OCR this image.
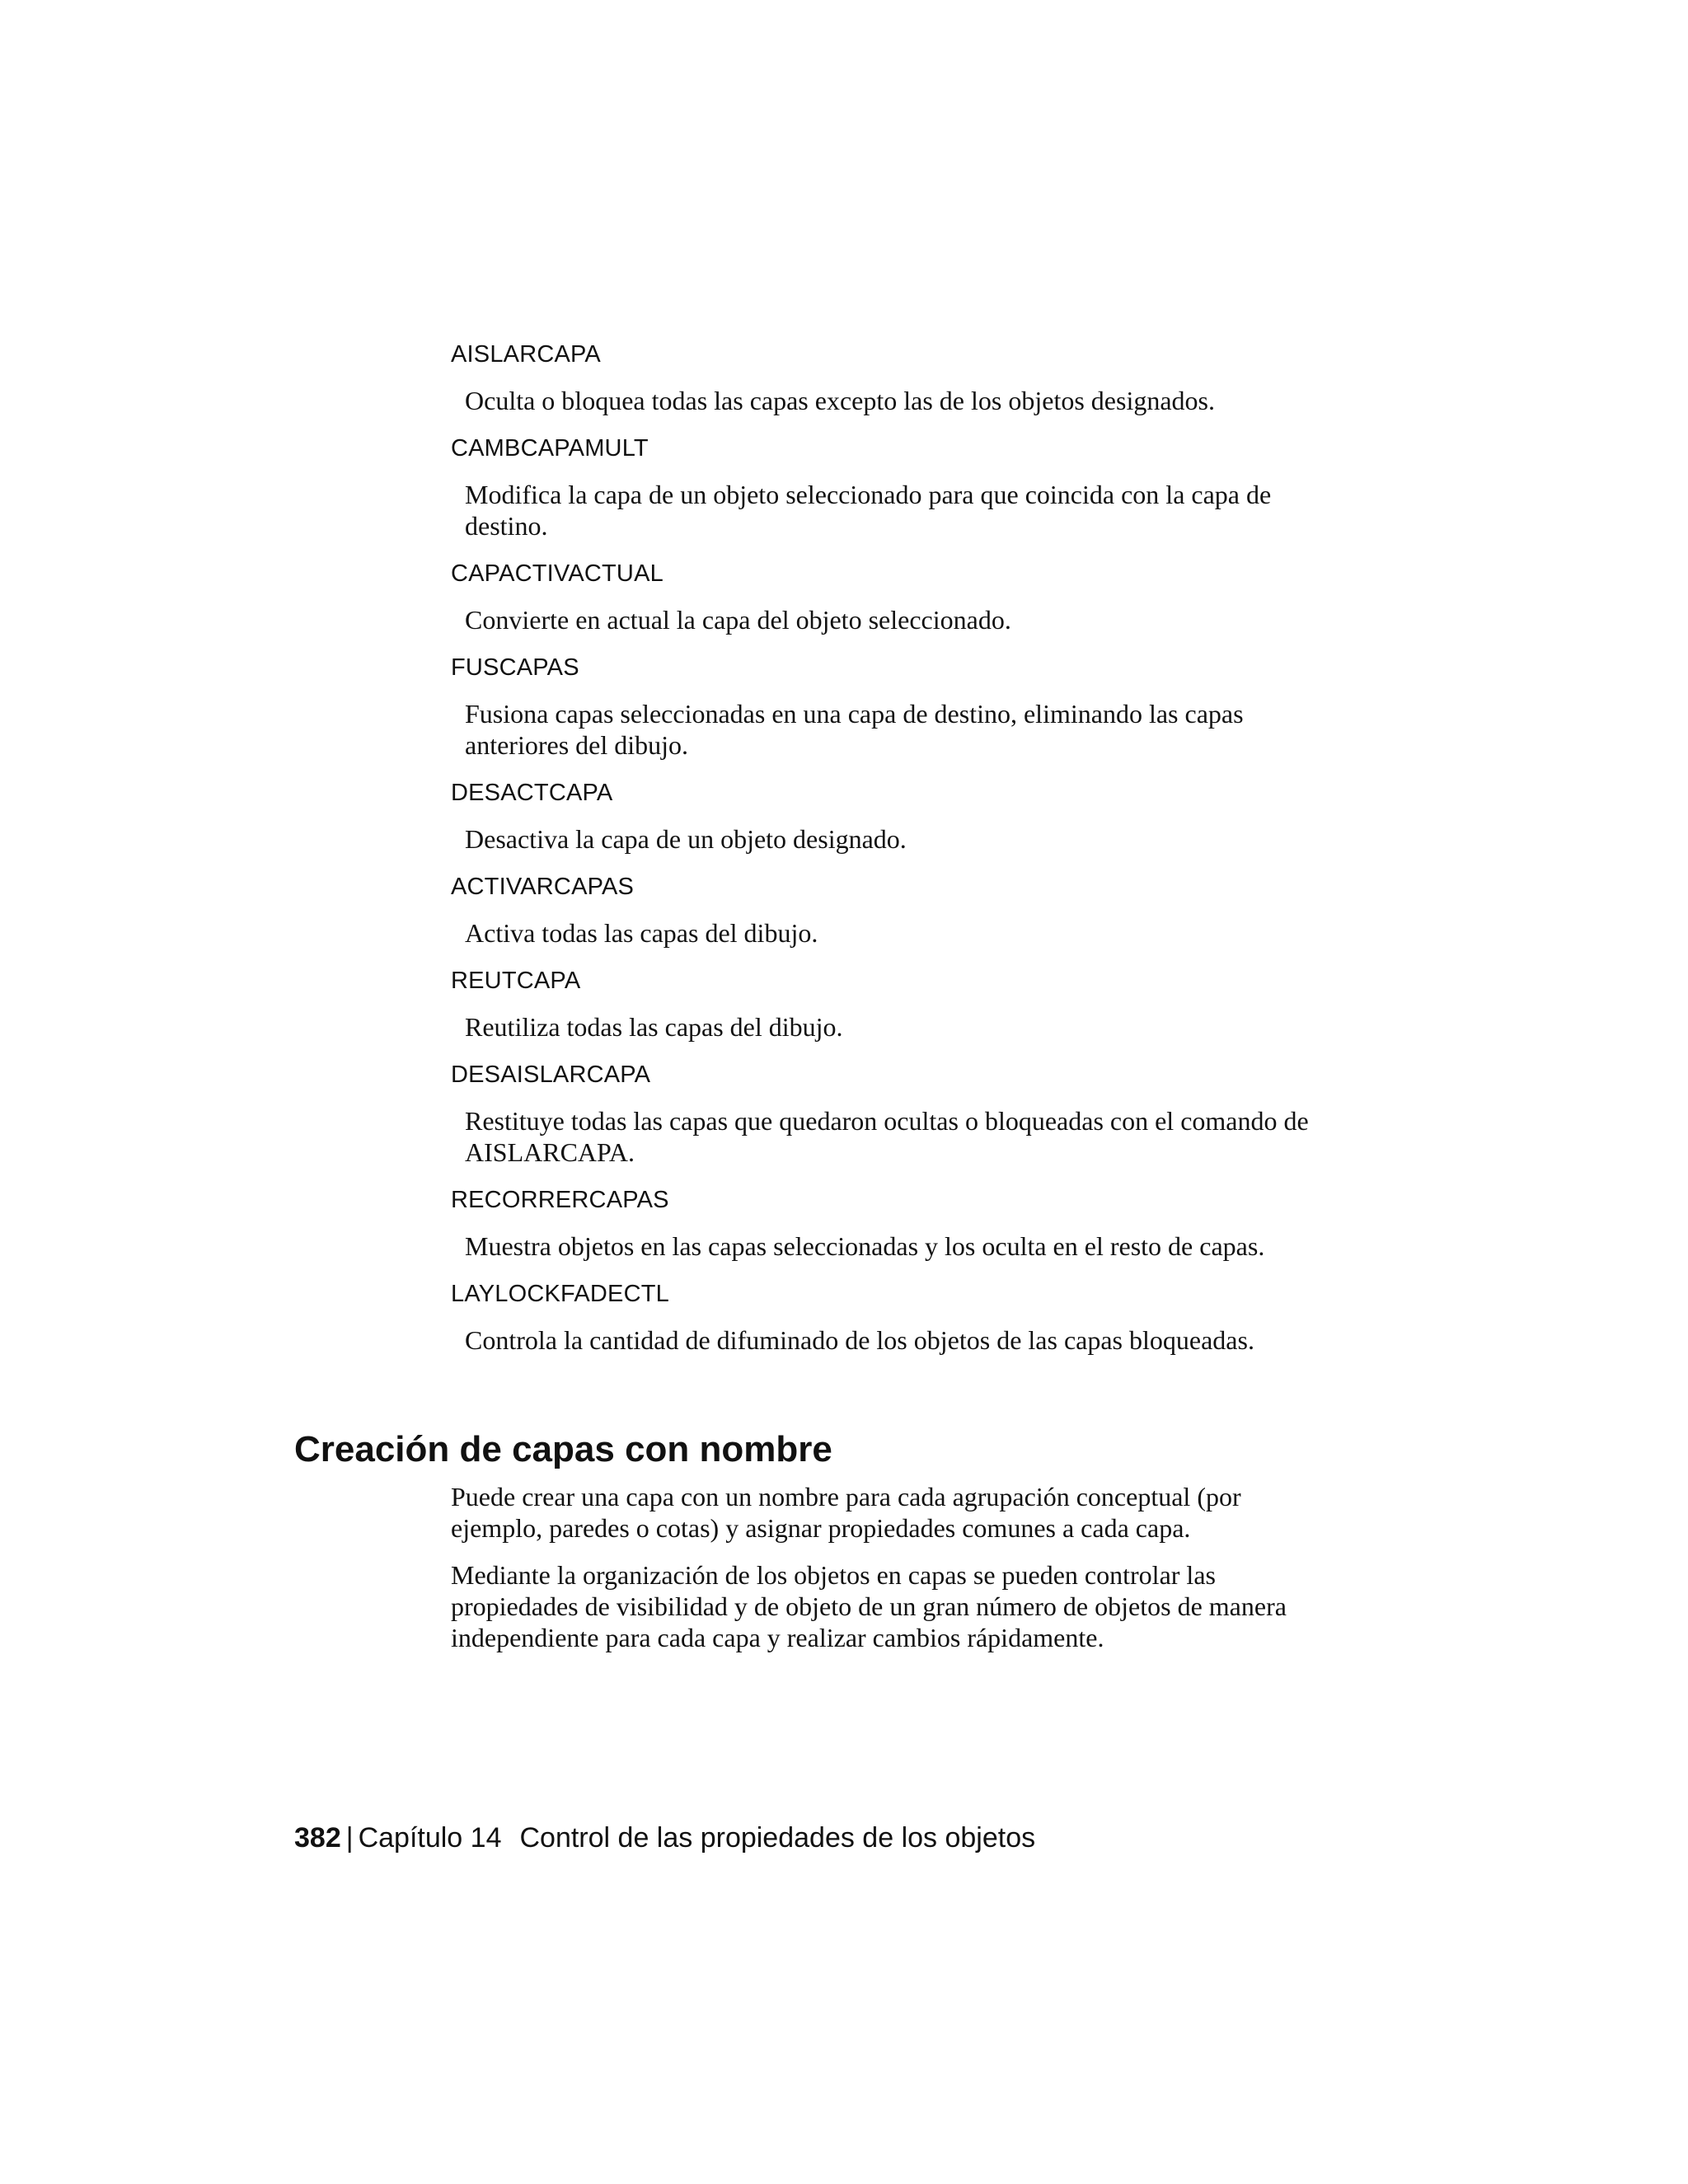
AISLARCAPA

Oculta o bloquea todas las capas excepto las de los objetos designados.

CAMBCAPAMULT

Modifica la capa de un objeto seleccionado para que coincida con la capa de destino.

CAPACTIVACTUAL

Convierte en actual la capa del objeto seleccionado.

FUSCAPAS

Fusiona capas seleccionadas en una capa de destino, eliminando las capas anteriores del dibujo.

DESACTCAPA

Desactiva la capa de un objeto designado.

ACTIVARCAPAS

Activa todas las capas del dibujo.

REUTCAPA

Reutiliza todas las capas del dibujo.

DESAISLARCAPA

Restituye todas las capas que quedaron ocultas o bloqueadas con el comando de AISLARCAPA.

RECORRERCAPAS

Muestra objetos en las capas seleccionadas y los oculta en el resto de capas.

LAYLOCKFADECTL

Controla la cantidad de difuminado de los objetos de las capas bloqueadas.

Creación de capas con nombre

Puede crear una capa con un nombre para cada agrupación conceptual (por ejemplo, paredes o cotas) y asignar propiedades comunes a cada capa.

Mediante la organización de los objetos en capas se pueden controlar las propiedades de visibilidad y de objeto de un gran número de objetos de manera independiente para cada capa y realizar cambios rápidamente.

382 | Capítulo 14 Control de las propiedades de los objetos
